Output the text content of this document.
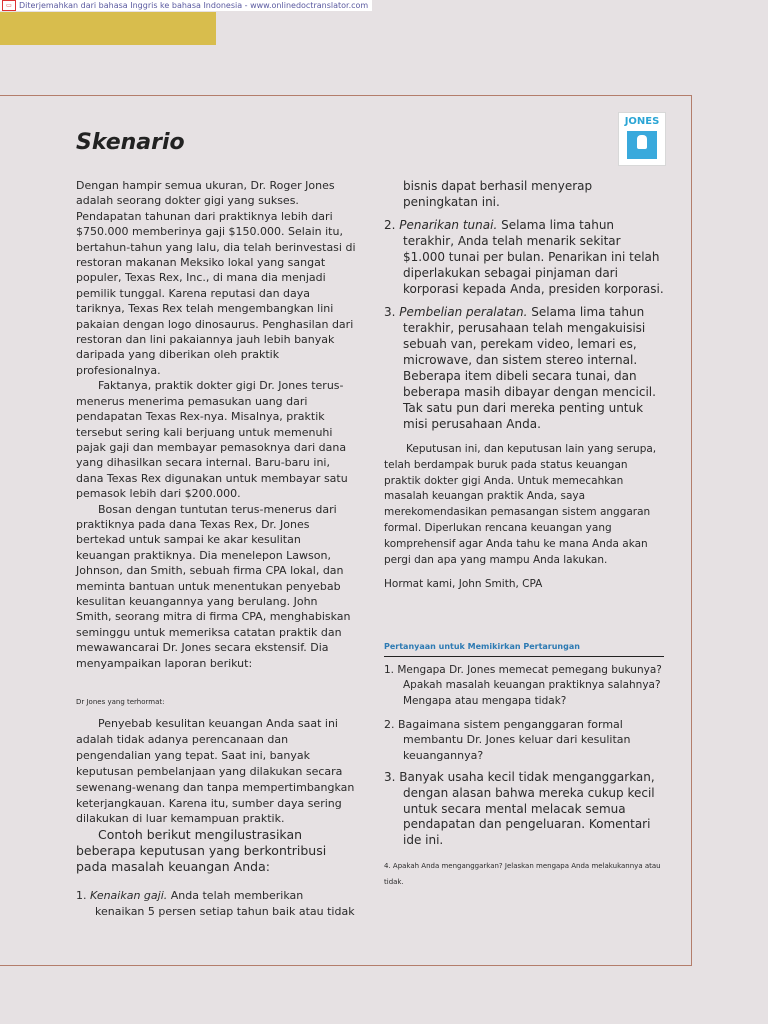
▭ Diterjemahkan dari bahasa Inggris ke bahasa Indonesia - www.onlinedoctranslator.com
JONES
Skenario

Dengan hampir semua ukuran, Dr. Roger Jones adalah seorang dokter gigi yang sukses. Pendapatan tahunan dari praktiknya lebih dari $750.000 memberinya gaji $150.000. Selain itu, bertahun-tahun yang lalu, dia telah berinvestasi di restoran makanan Meksiko lokal yang sangat populer, Texas Rex, Inc., di mana dia menjadi pemilik tunggal. Karena reputasi dan daya tariknya, Texas Rex telah mengembangkan lini pakaian dengan logo dinosaurus. Penghasilan dari restoran dan lini pakaiannya jauh lebih banyak daripada yang diberikan oleh praktik profesionalnya.

Faktanya, praktik dokter gigi Dr. Jones terus-menerus menerima pemasukan uang dari pendapatan Texas Rex-nya. Misalnya, praktik tersebut sering kali berjuang untuk memenuhi pajak gaji dan membayar pemasoknya dari dana yang dihasilkan secara internal. Baru-baru ini, dana Texas Rex digunakan untuk membayar satu pemasok lebih dari $200.000.

Bosan dengan tuntutan terus-menerus dari praktiknya pada dana Texas Rex, Dr. Jones bertekad untuk sampai ke akar kesulitan keuangan praktiknya. Dia menelepon Lawson, Johnson, dan Smith, sebuah firma CPA lokal, dan meminta bantuan untuk menentukan penyebab kesulitan keuangannya yang berulang. John Smith, seorang mitra di firma CPA, menghabiskan seminggu untuk memeriksa catatan praktik dan mewawancarai Dr. Jones secara ekstensif. Dia menyampaikan laporan berikut:

Dr Jones yang terhormat:

Penyebab kesulitan keuangan Anda saat ini adalah tidak adanya perencanaan dan pengendalian yang tepat. Saat ini, banyak keputusan pembelanjaan yang dilakukan secara sewenang-wenang dan tanpa mempertimbangkan keterjangkauan. Karena itu, sumber daya sering dilakukan di luar kemampuan praktik.

Contoh berikut mengilustrasikan beberapa keputusan yang berkontribusi pada masalah keuangan Anda:

1. Kenaikan gaji. Anda telah memberikan kenaikan 5 persen setiap tahun baik atau tidak

bisnis dapat berhasil menyerap peningkatan ini.

2. Penarikan tunai. Selama lima tahun terakhir, Anda telah menarik sekitar $1.000 tunai per bulan. Penarikan ini telah diperlakukan sebagai pinjaman dari korporasi kepada Anda, presiden korporasi.

3. Pembelian peralatan. Selama lima tahun terakhir, perusahaan telah mengakuisisi sebuah van, perekam video, lemari es, microwave, dan sistem stereo internal. Beberapa item dibeli secara tunai, dan beberapa masih dibayar dengan mencicil. Tak satu pun dari mereka penting untuk misi perusahaan Anda.

Keputusan ini, dan keputusan lain yang serupa, telah berdampak buruk pada status keuangan praktik dokter gigi Anda. Untuk memecahkan masalah keuangan praktik Anda, saya merekomendasikan pemasangan sistem anggaran formal. Diperlukan rencana keuangan yang komprehensif agar Anda tahu ke mana Anda akan pergi dan apa yang mampu Anda lakukan.

Hormat kami, John Smith, CPA

Pertanyaan untuk Memikirkan Pertarungan

1. Mengapa Dr. Jones memecat pemegang bukunya? Apakah masalah keuangan praktiknya salahnya? Mengapa atau mengapa tidak?

2. Bagaimana sistem penganggaran formal membantu Dr. Jones keluar dari kesulitan keuangannya?

3. Banyak usaha kecil tidak menganggarkan, dengan alasan bahwa mereka cukup kecil untuk secara mental melacak semua pendapatan dan pengeluaran. Komentari ide ini.

4. Apakah Anda menganggarkan? Jelaskan mengapa Anda melakukannya atau tidak.
